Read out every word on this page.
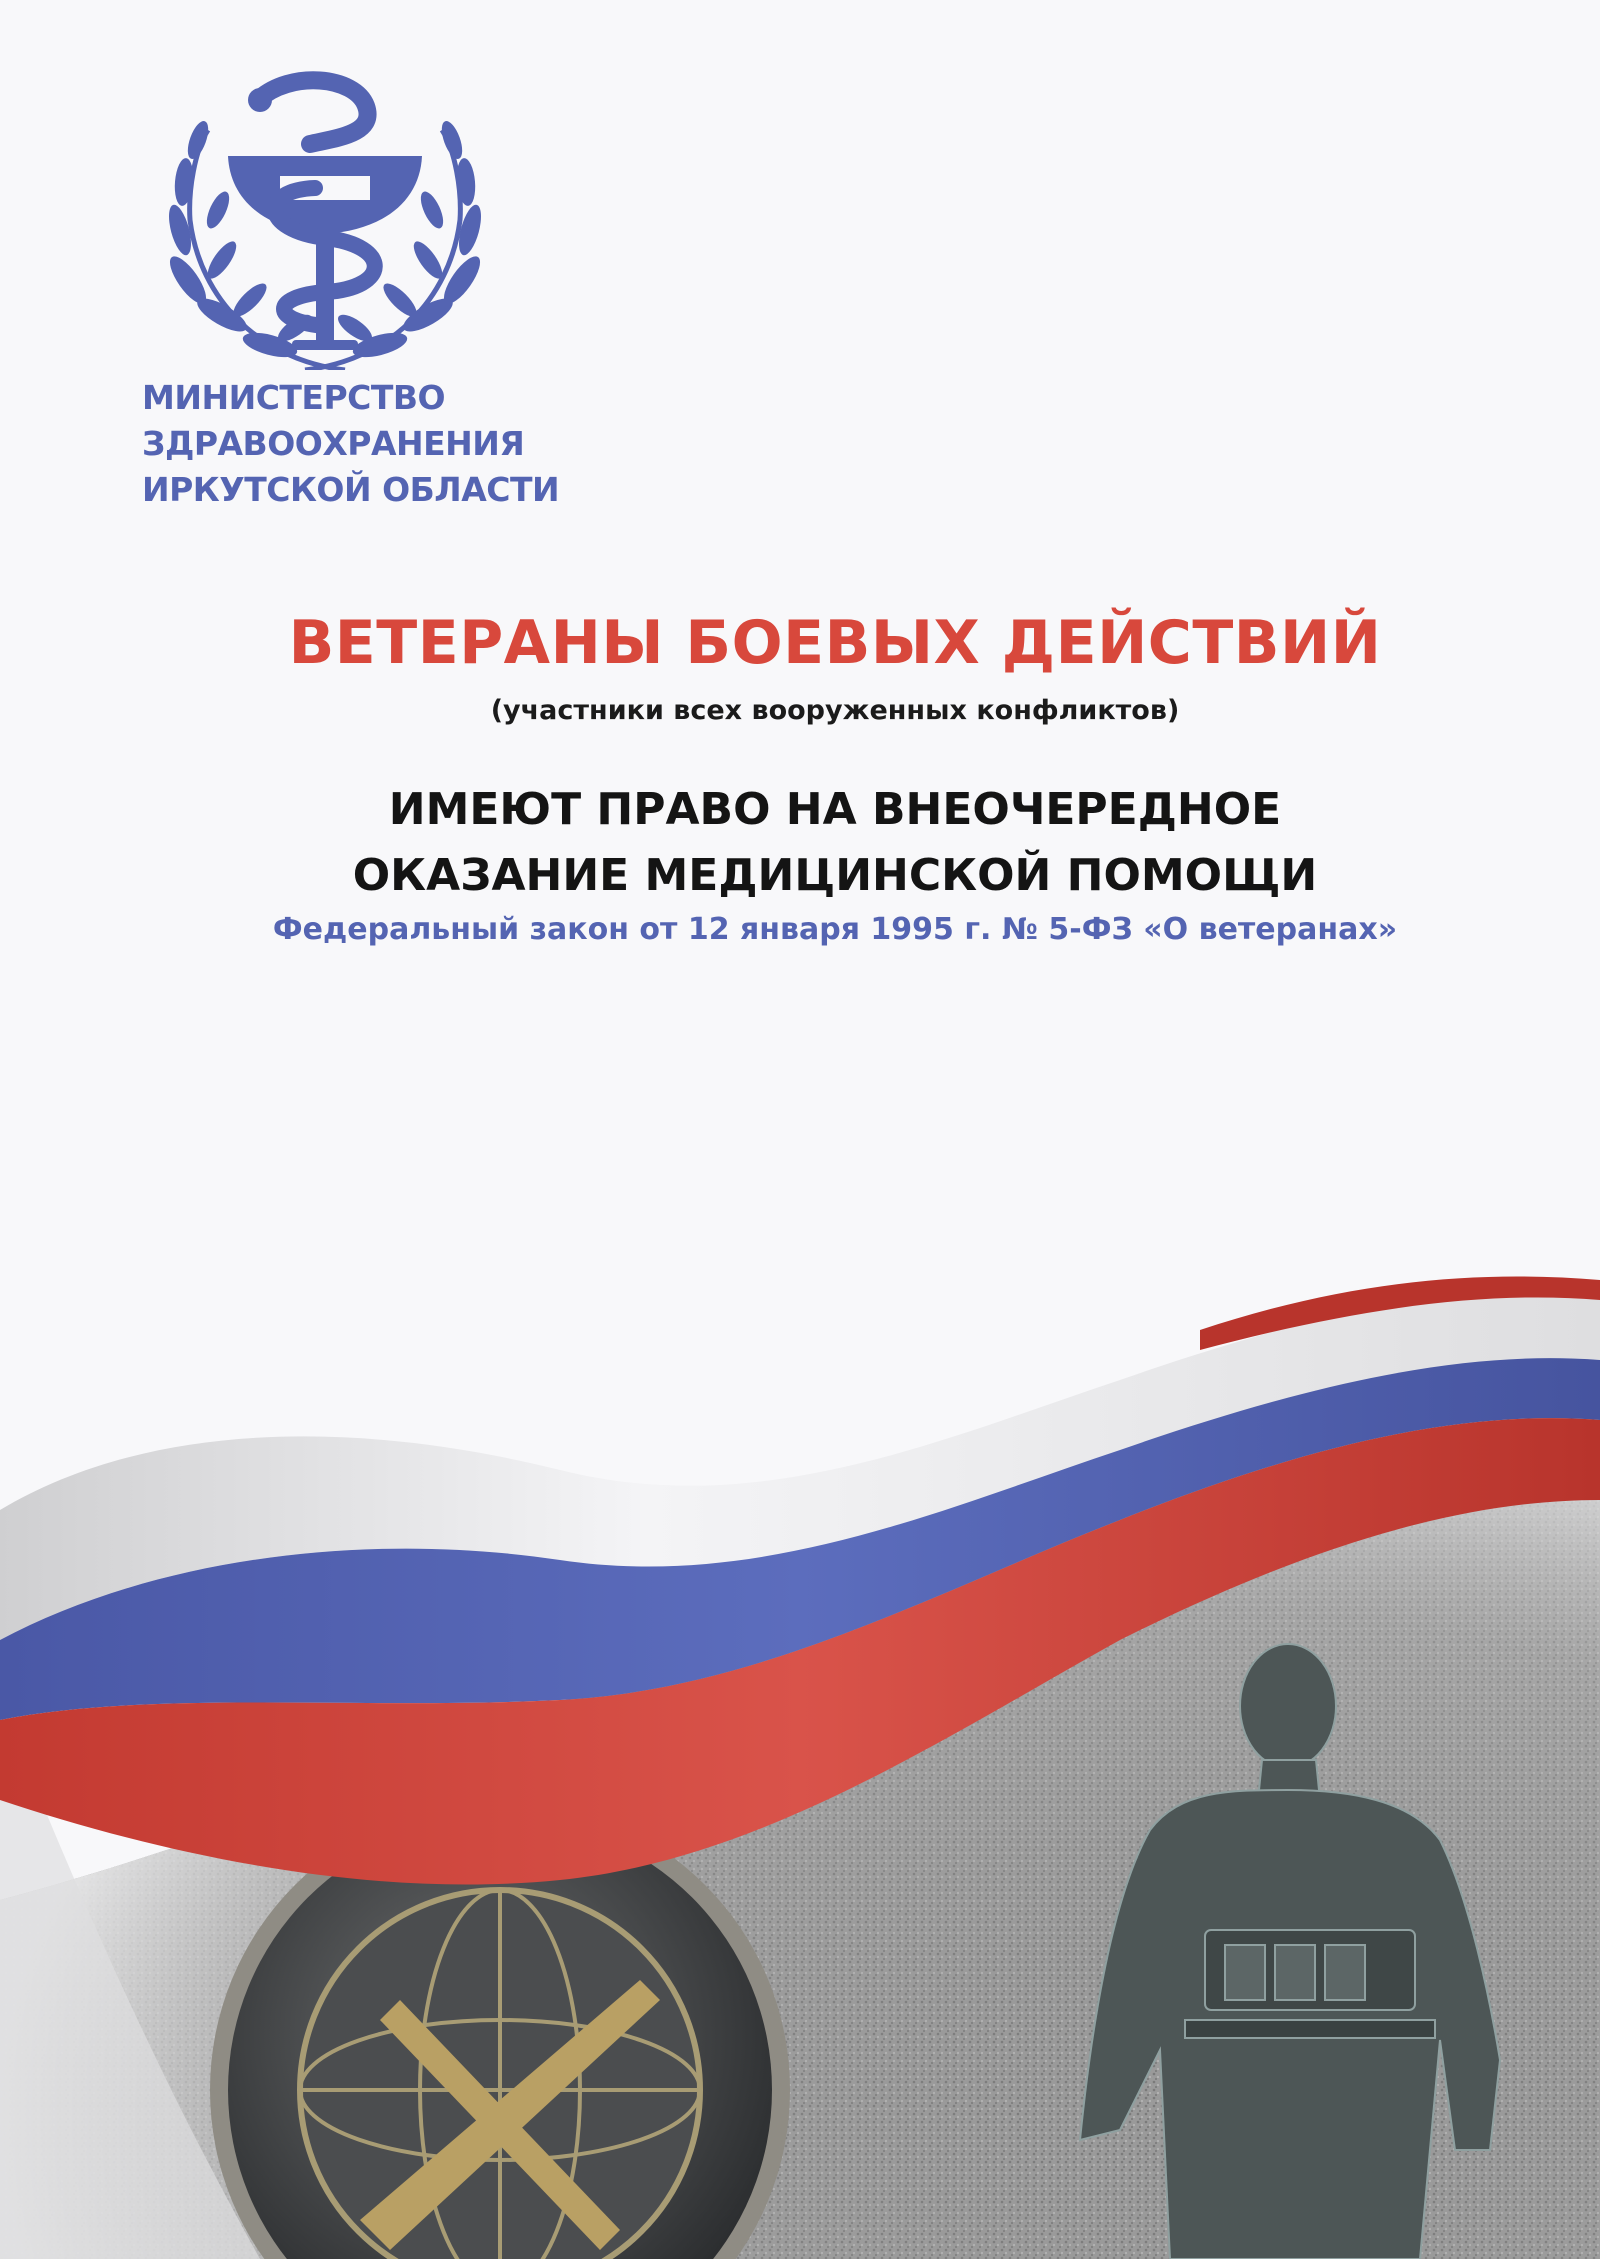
МИНИСТЕРСТВО
ЗДРАВООХРАНЕНИЯ
ИРКУТСКОЙ ОБЛАСТИ

ВЕТЕРАНЫ БОЕВЫХ ДЕЙСТВИЙ

(участники всех вооруженных конфликтов)

ИМЕЮТ ПРАВО НА ВНЕОЧЕРЕДНОЕ

ОКАЗАНИЕ МЕДИЦИНСКОЙ ПОМОЩИ

Федеральный закон от 12 января 1995 г. № 5-ФЗ «О ветеранах»
